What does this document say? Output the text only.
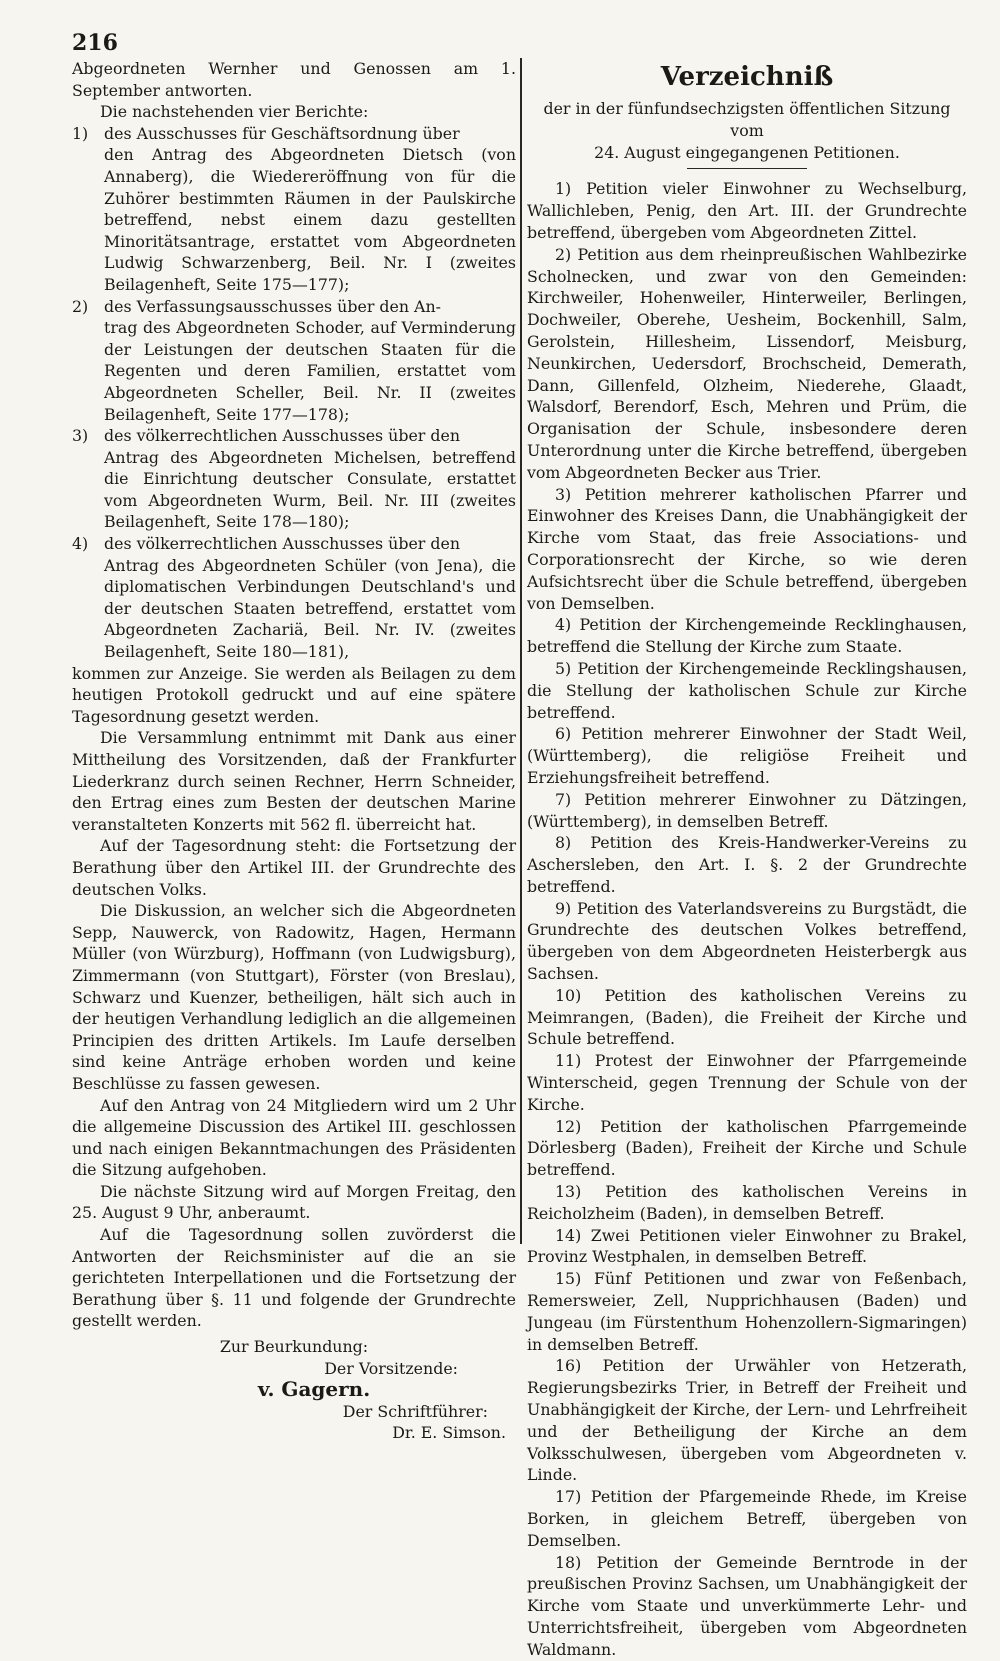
216

Abgeordneten Wernher und Genossen am 1. September antworten.

Die nachstehenden vier Berichte:

1) des Ausschusses für Geschäftsordnung über

den Antrag des Abgeordneten Dietsch (von Annaberg), die Wiedereröffnung von für die Zuhörer bestimmten Räumen in der Paulskirche betreffend, nebst einem dazu gestellten Minoritätsantrage, erstattet vom Abgeordneten Ludwig Schwarzenberg, Beil. Nr. I (zweites Beilagenheft, Seite 175—177);

2) des Verfassungsausschusses über den An-

trag des Abgeordneten Schoder, auf Verminderung der Leistungen der deutschen Staaten für die Regenten und deren Familien, erstattet vom Abgeordneten Scheller, Beil. Nr. II (zweites Beilagenheft, Seite 177—178);

3) des völkerrechtlichen Ausschusses über den

Antrag des Abgeordneten Michelsen, betreffend die Einrichtung deutscher Consulate, erstattet vom Abgeordneten Wurm, Beil. Nr. III (zweites Beilagenheft, Seite 178—180);

4) des völkerrechtlichen Ausschusses über den

Antrag des Abgeordneten Schüler (von Jena), die diplomatischen Verbindungen Deutschland's und der deutschen Staaten betreffend, erstattet vom Abgeordneten Zachariä, Beil. Nr. IV. (zweites Beilagenheft, Seite 180—181),

kommen zur Anzeige. Sie werden als Beilagen zu dem heutigen Protokoll gedruckt und auf eine spätere Tagesordnung gesetzt werden.

Die Versammlung entnimmt mit Dank aus einer Mittheilung des Vorsitzenden, daß der Frankfurter Liederkranz durch seinen Rechner, Herrn Schneider, den Ertrag eines zum Besten der deutschen Marine veranstalteten Konzerts mit 562 fl. überreicht hat.

Auf der Tagesordnung steht: die Fortsetzung der Berathung über den Artikel III. der Grundrechte des deutschen Volks.

Die Diskussion, an welcher sich die Abgeordneten Sepp, Nauwerck, von Radowitz, Hagen, Hermann Müller (von Würzburg), Hoffmann (von Ludwigsburg), Zimmermann (von Stuttgart), Förster (von Breslau), Schwarz und Kuenzer, betheiligen, hält sich auch in der heutigen Verhandlung lediglich an die allgemeinen Principien des dritten Artikels. Im Laufe derselben sind keine Anträge erhoben worden und keine Beschlüsse zu fassen gewesen.

Auf den Antrag von 24 Mitgliedern wird um 2 Uhr die allgemeine Discussion des Artikel III. geschlossen und nach einigen Bekanntmachungen des Präsidenten die Sitzung aufgehoben.

Die nächste Sitzung wird auf Morgen Freitag, den 25. August 9 Uhr, anberaumt.

Auf die Tagesordnung sollen zuvörderst die Antworten der Reichsminister auf die an sie gerichteten Interpellationen und die Fortsetzung der Berathung über §. 11 und folgende der Grundrechte gestellt werden.

Zur Beurkundung:

Der Vorsitzende:

v. Gagern.

Der Schriftführer:

Dr. E. Simson.

Verzeichniß

der in der fünfundsechzigsten öffentlichen Sitzung vom

24. August eingegangenen Petitionen.

1) Petition vieler Einwohner zu Wechselburg, Wallichleben, Penig, den Art. III. der Grundrechte betreffend, übergeben vom Abgeordneten Zittel.

2) Petition aus dem rheinpreußischen Wahlbezirke Scholnecken, und zwar von den Gemeinden: Kirchweiler, Hohenweiler, Hinterweiler, Berlingen, Dochweiler, Oberehe, Uesheim, Bockenhill, Salm, Gerolstein, Hillesheim, Lissendorf, Meisburg, Neunkirchen, Uedersdorf, Brochscheid, Demerath, Dann, Gillenfeld, Olzheim, Niederehe, Glaadt, Walsdorf, Berendorf, Esch, Mehren und Prüm, die Organisation der Schule, insbesondere deren Unterordnung unter die Kirche betreffend, übergeben vom Abgeordneten Becker aus Trier.

3) Petition mehrerer katholischen Pfarrer und Einwohner des Kreises Dann, die Unabhängigkeit der Kirche vom Staat, das freie Associations- und Corporationsrecht der Kirche, so wie deren Aufsichtsrecht über die Schule betreffend, übergeben von Demselben.

4) Petition der Kirchengemeinde Recklinghausen, betreffend die Stellung der Kirche zum Staate.

5) Petition der Kirchengemeinde Recklingshausen, die Stellung der katholischen Schule zur Kirche betreffend.

6) Petition mehrerer Einwohner der Stadt Weil, (Württemberg), die religiöse Freiheit und Erziehungsfreiheit betreffend.

7) Petition mehrerer Einwohner zu Dätzingen, (Württemberg), in demselben Betreff.

8) Petition des Kreis-Handwerker-Vereins zu Aschersleben, den Art. I. §. 2 der Grundrechte betreffend.

9) Petition des Vaterlandsvereins zu Burgstädt, die Grundrechte des deutschen Volkes betreffend, übergeben von dem Abgeordneten Heisterbergk aus Sachsen.

10) Petition des katholischen Vereins zu Meimrangen, (Baden), die Freiheit der Kirche und Schule betreffend.

11) Protest der Einwohner der Pfarrgemeinde Winterscheid, gegen Trennung der Schule von der Kirche.

12) Petition der katholischen Pfarrgemeinde Dörlesberg (Baden), Freiheit der Kirche und Schule betreffend.

13) Petition des katholischen Vereins in Reicholzheim (Baden), in demselben Betreff.

14) Zwei Petitionen vieler Einwohner zu Brakel, Provinz Westphalen, in demselben Betreff.

15) Fünf Petitionen und zwar von Feßenbach, Remersweier, Zell, Nupprichhausen (Baden) und Jungeau (im Fürstenthum Hohenzollern-Sigmaringen) in demselben Betreff.

16) Petition der Urwähler von Hetzerath, Regierungsbezirks Trier, in Betreff der Freiheit und Unabhängigkeit der Kirche, der Lern- und Lehrfreiheit und der Betheiligung der Kirche an dem Volksschulwesen, übergeben vom Abgeordneten v. Linde.

17) Petition der Pfargemeinde Rhede, im Kreise Borken, in gleichem Betreff, übergeben von Demselben.

18) Petition der Gemeinde Berntrode in der preußischen Provinz Sachsen, um Unabhängigkeit der Kirche vom Staate und unverkümmerte Lehr- und Unterrichtsfreiheit, übergeben vom Abgeordneten Waldmann.
